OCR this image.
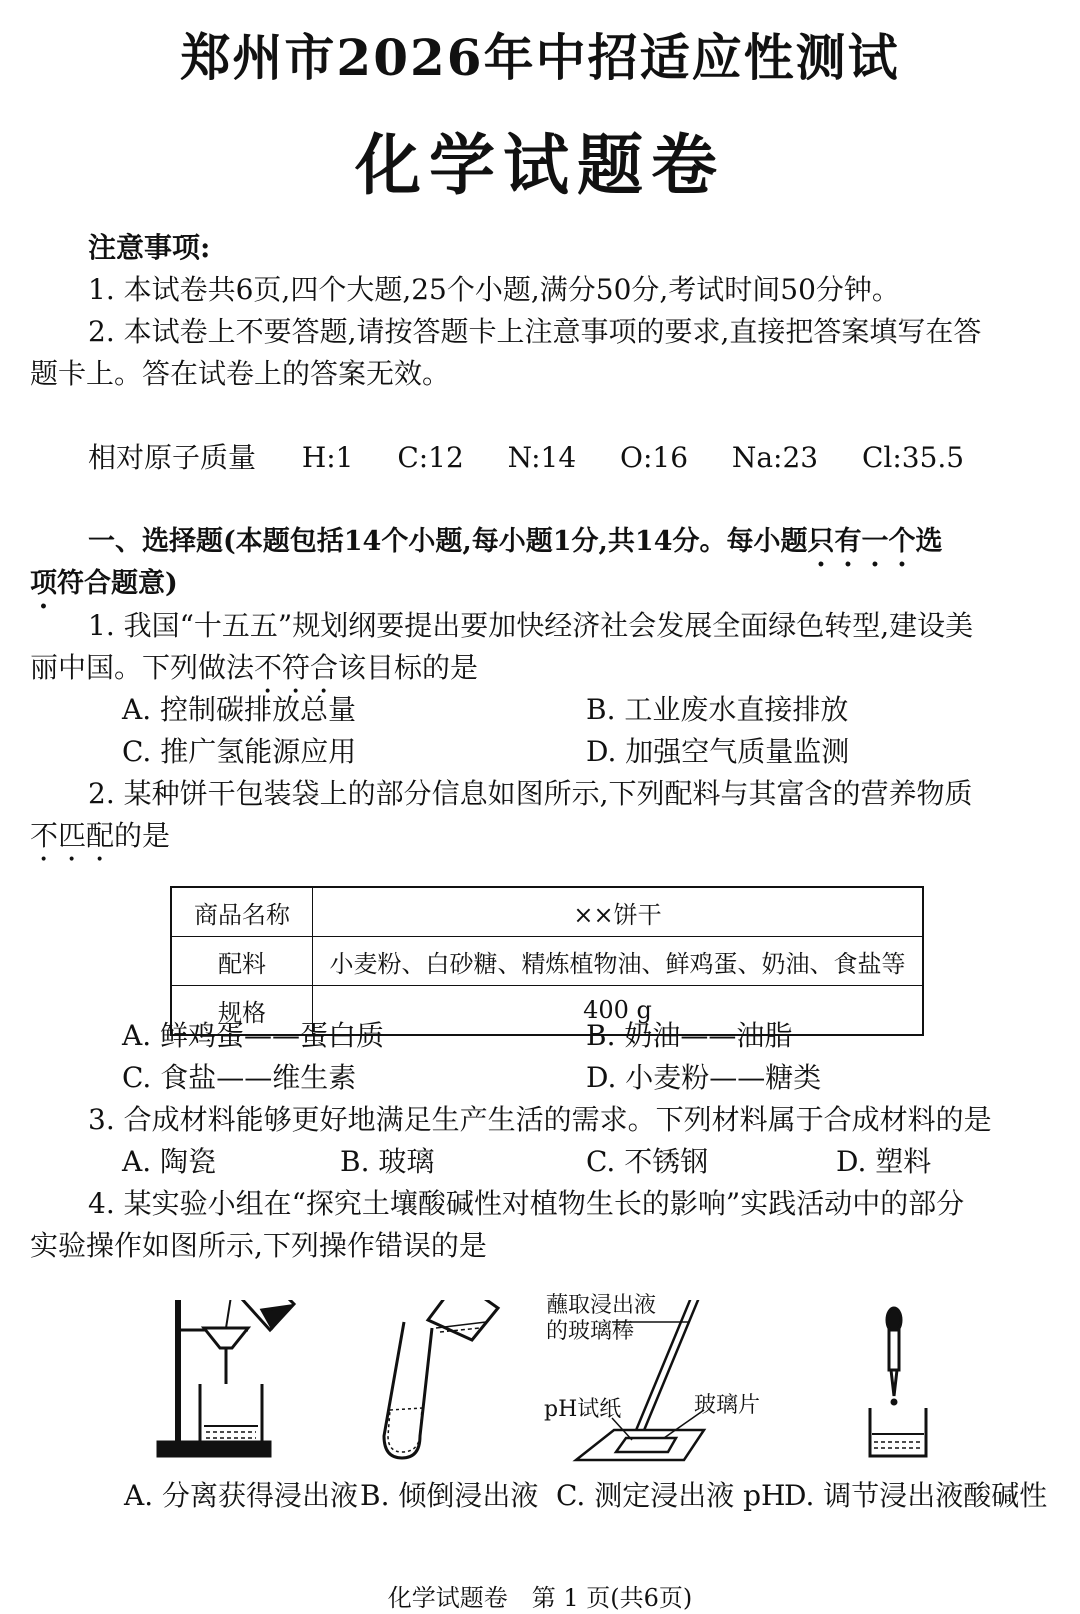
郑州市2026年中招适应性测试
化学试题卷
注意事项:
1. 本试卷共6页,四个大题,25个小题,满分50分,考试时间50分钟。
2. 本试卷上不要答题,请按答题卡上注意事项的要求,直接把答案填写在答
题卡上。答在试卷上的答案无效。
相对原子质量 H:1 C:12 N:14 O:16 Na:23 Cl:35.5
一、选择题(本题包括14个小题,每小题1分,共14分。每小题只有一个选
项符合题意)
1. 我国“十五五”规划纲要提出要加快经济社会发展全面绿色转型,建设美
丽中国。下列做法不符合该目标的是
A. 控制碳排放总量	B. 工业废水直接排放
C. 推广氢能源应用	D. 加强空气质量监测
2. 某种饼干包装袋上的部分信息如图所示,下列配料与其富含的营养物质
不匹配的是
商品名称	××饼干
配料	小麦粉、白砂糖、精炼植物油、鲜鸡蛋、奶油、食盐等
规格	400 g
A. 鲜鸡蛋——蛋白质	B. 奶油——油脂
C. 食盐——维生素	D. 小麦粉——糖类
3. 合成材料能够更好地满足生产生活的需求。下列材料属于合成材料的是
A. 陶瓷	B. 玻璃	C. 不锈钢	D. 塑料
4. 某实验小组在“探究土壤酸碱性对植物生长的影响”实践活动中的部分
实验操作如图所示,下列操作错误的是
蘸取浸出液
的玻璃棒
pH试纸	玻璃片
A. 分离获得浸出液 B. 倾倒浸出液 C. 测定浸出液 pH
D. 调节浸出液酸碱性
化学试题卷　第 1 页(共6页)
